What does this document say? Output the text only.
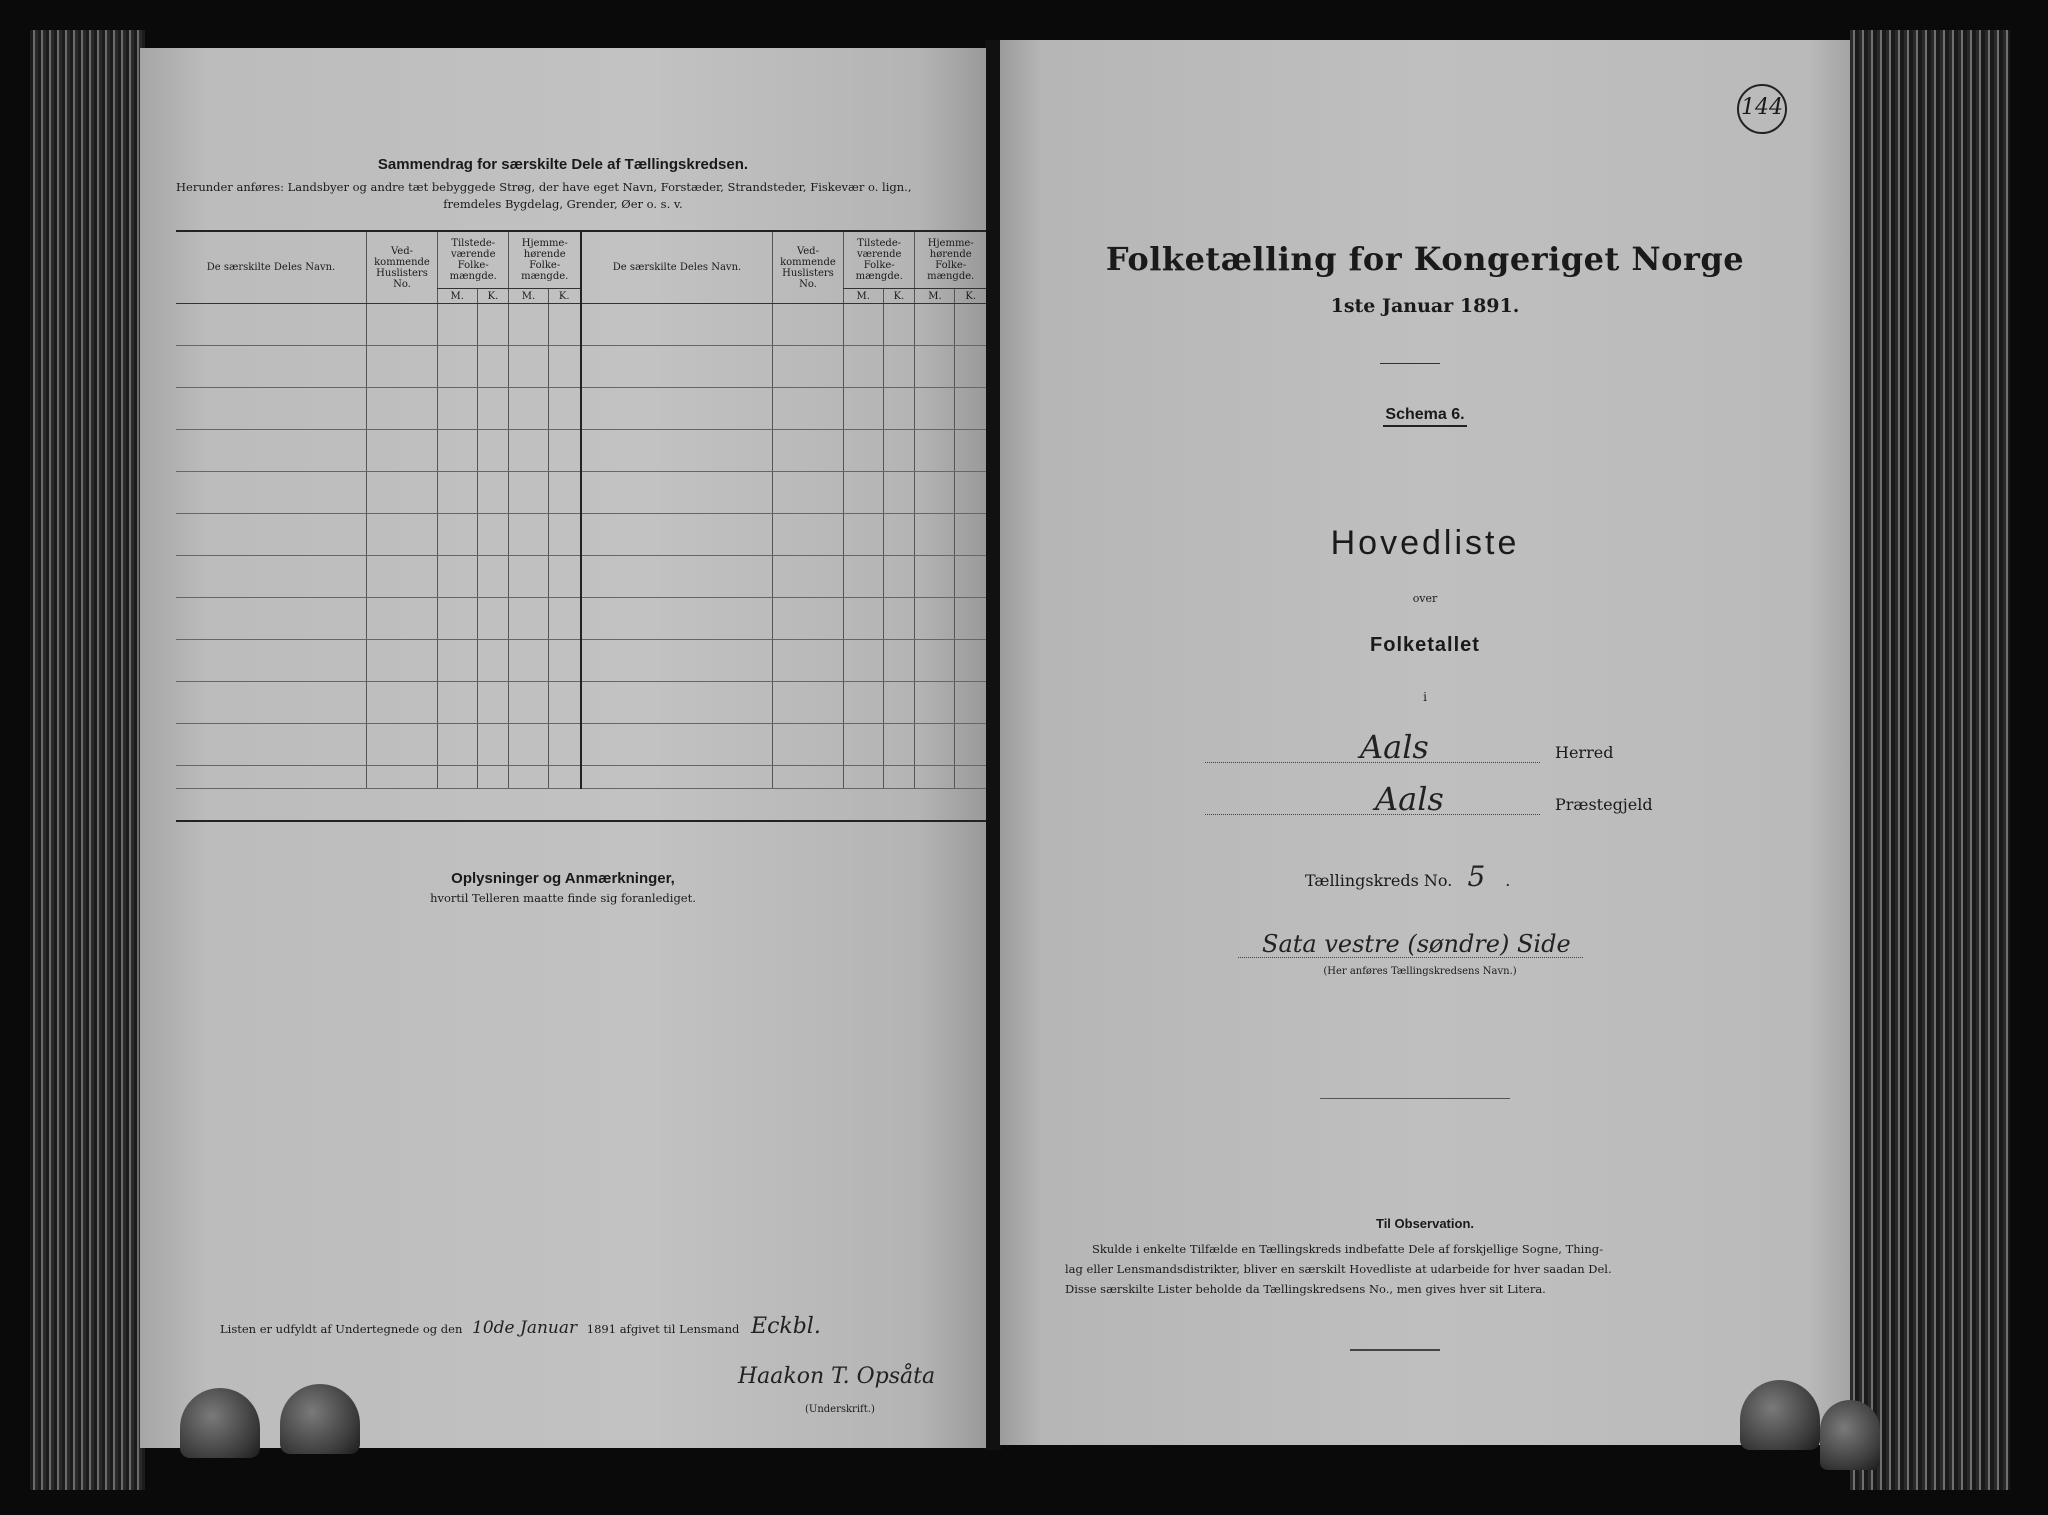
Sammendrag for særskilte Dele af Tællingskredsen.
Herunder anføres: Landsbyer og andre tæt bebyggede Strøg, der have eget Navn, Forstæder, Strandsteder, Fiskevær o. lign.,
fremdeles Bygdelag, Grender, Øer o. s. v.
De særskilte Deles Navn.	Ved-kommende Huslisters No.	Tilstede-værende Folke-mængde.		Hjemme-hørende Folke-mængde.		De særskilte Deles Navn.	Ved-kommende Huslisters No.	Tilstede-værende Folke-mængde.		Hjemme-hørende Folke-mængde.	
		M.	K.	M.	K.			M.	K.	M.	K.

Oplysninger og Anmærkninger,
hvortil Telleren maatte finde sig foranlediget.
Listen er udfyldt af Undertegnede og den 10de Januar 1891 afgivet til Lensmand Eckbl.
Haakon T. Opsåta
(Underskrift.)
144
Folketælling for Kongeriget Norge
1ste Januar 1891.
Schema 6.
Hovedliste
over
Folketallet
i
Aals	Herred
Aals	Præstegjeld
Tællingskreds No. 5 .
Sata vestre (søndre) Side
(Her anføres Tællingskredsens Navn.)
Til Observation.
Skulde i enkelte Tilfælde en Tællingskreds indbefatte Dele af forskjellige Sogne, Thing-
lag eller Lensmandsdistrikter, bliver en særskilt Hovedliste at udarbeide for hver saadan Del.
Disse særskilte Lister beholde da Tællingskredsens No., men gives hver sit Litera.
